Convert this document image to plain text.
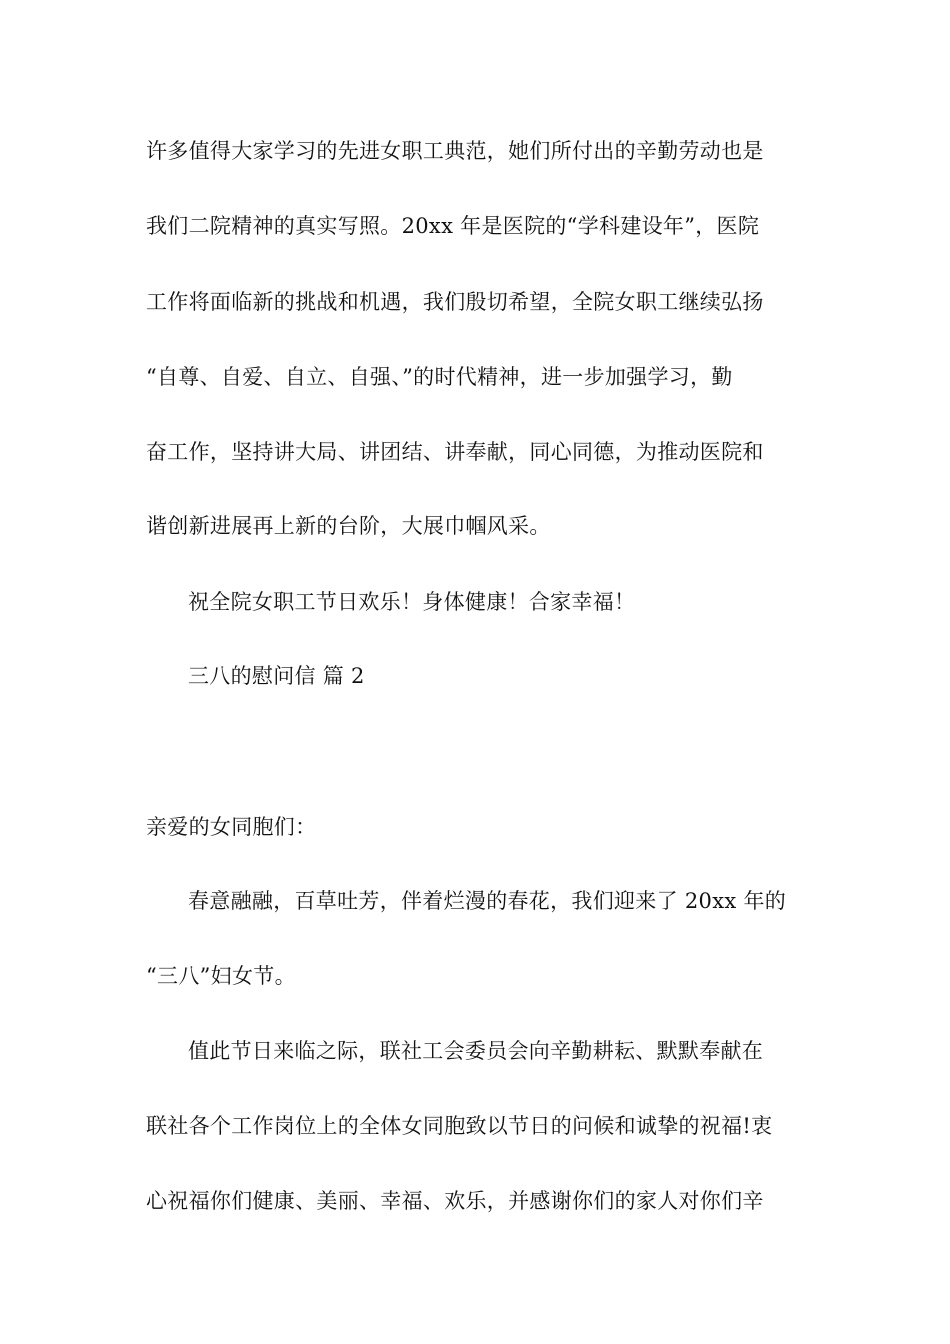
许多值得大家学习的先进女职工典范，她们所付出的辛勤劳动也是
我们二院精神的真实写照。20xx 年是医院的“学科建设年”，医院
工作将面临新的挑战和机遇，我们殷切希望，全院女职工继续弘扬
“自尊、自爱、自立、自强、”的时代精神，进一步加强学习，勤
奋工作，坚持讲大局、讲团结、讲奉献，同心同德，为推动医院和
谐创新进展再上新的台阶，大展巾帼风采。
祝全院女职工节日欢乐！身体健康！合家幸福！
三八的慰问信 篇 2
亲爱的女同胞们：
春意融融，百草吐芳，伴着烂漫的春花，我们迎来了 20xx 年的
“三八”妇女节。
值此节日来临之际，联社工会委员会向辛勤耕耘、默默奉献在
联社各个工作岗位上的全体女同胞致以节日的问候和诚挚的祝福!衷
心祝福你们健康、美丽、幸福、欢乐，并感谢你们的家人对你们辛
